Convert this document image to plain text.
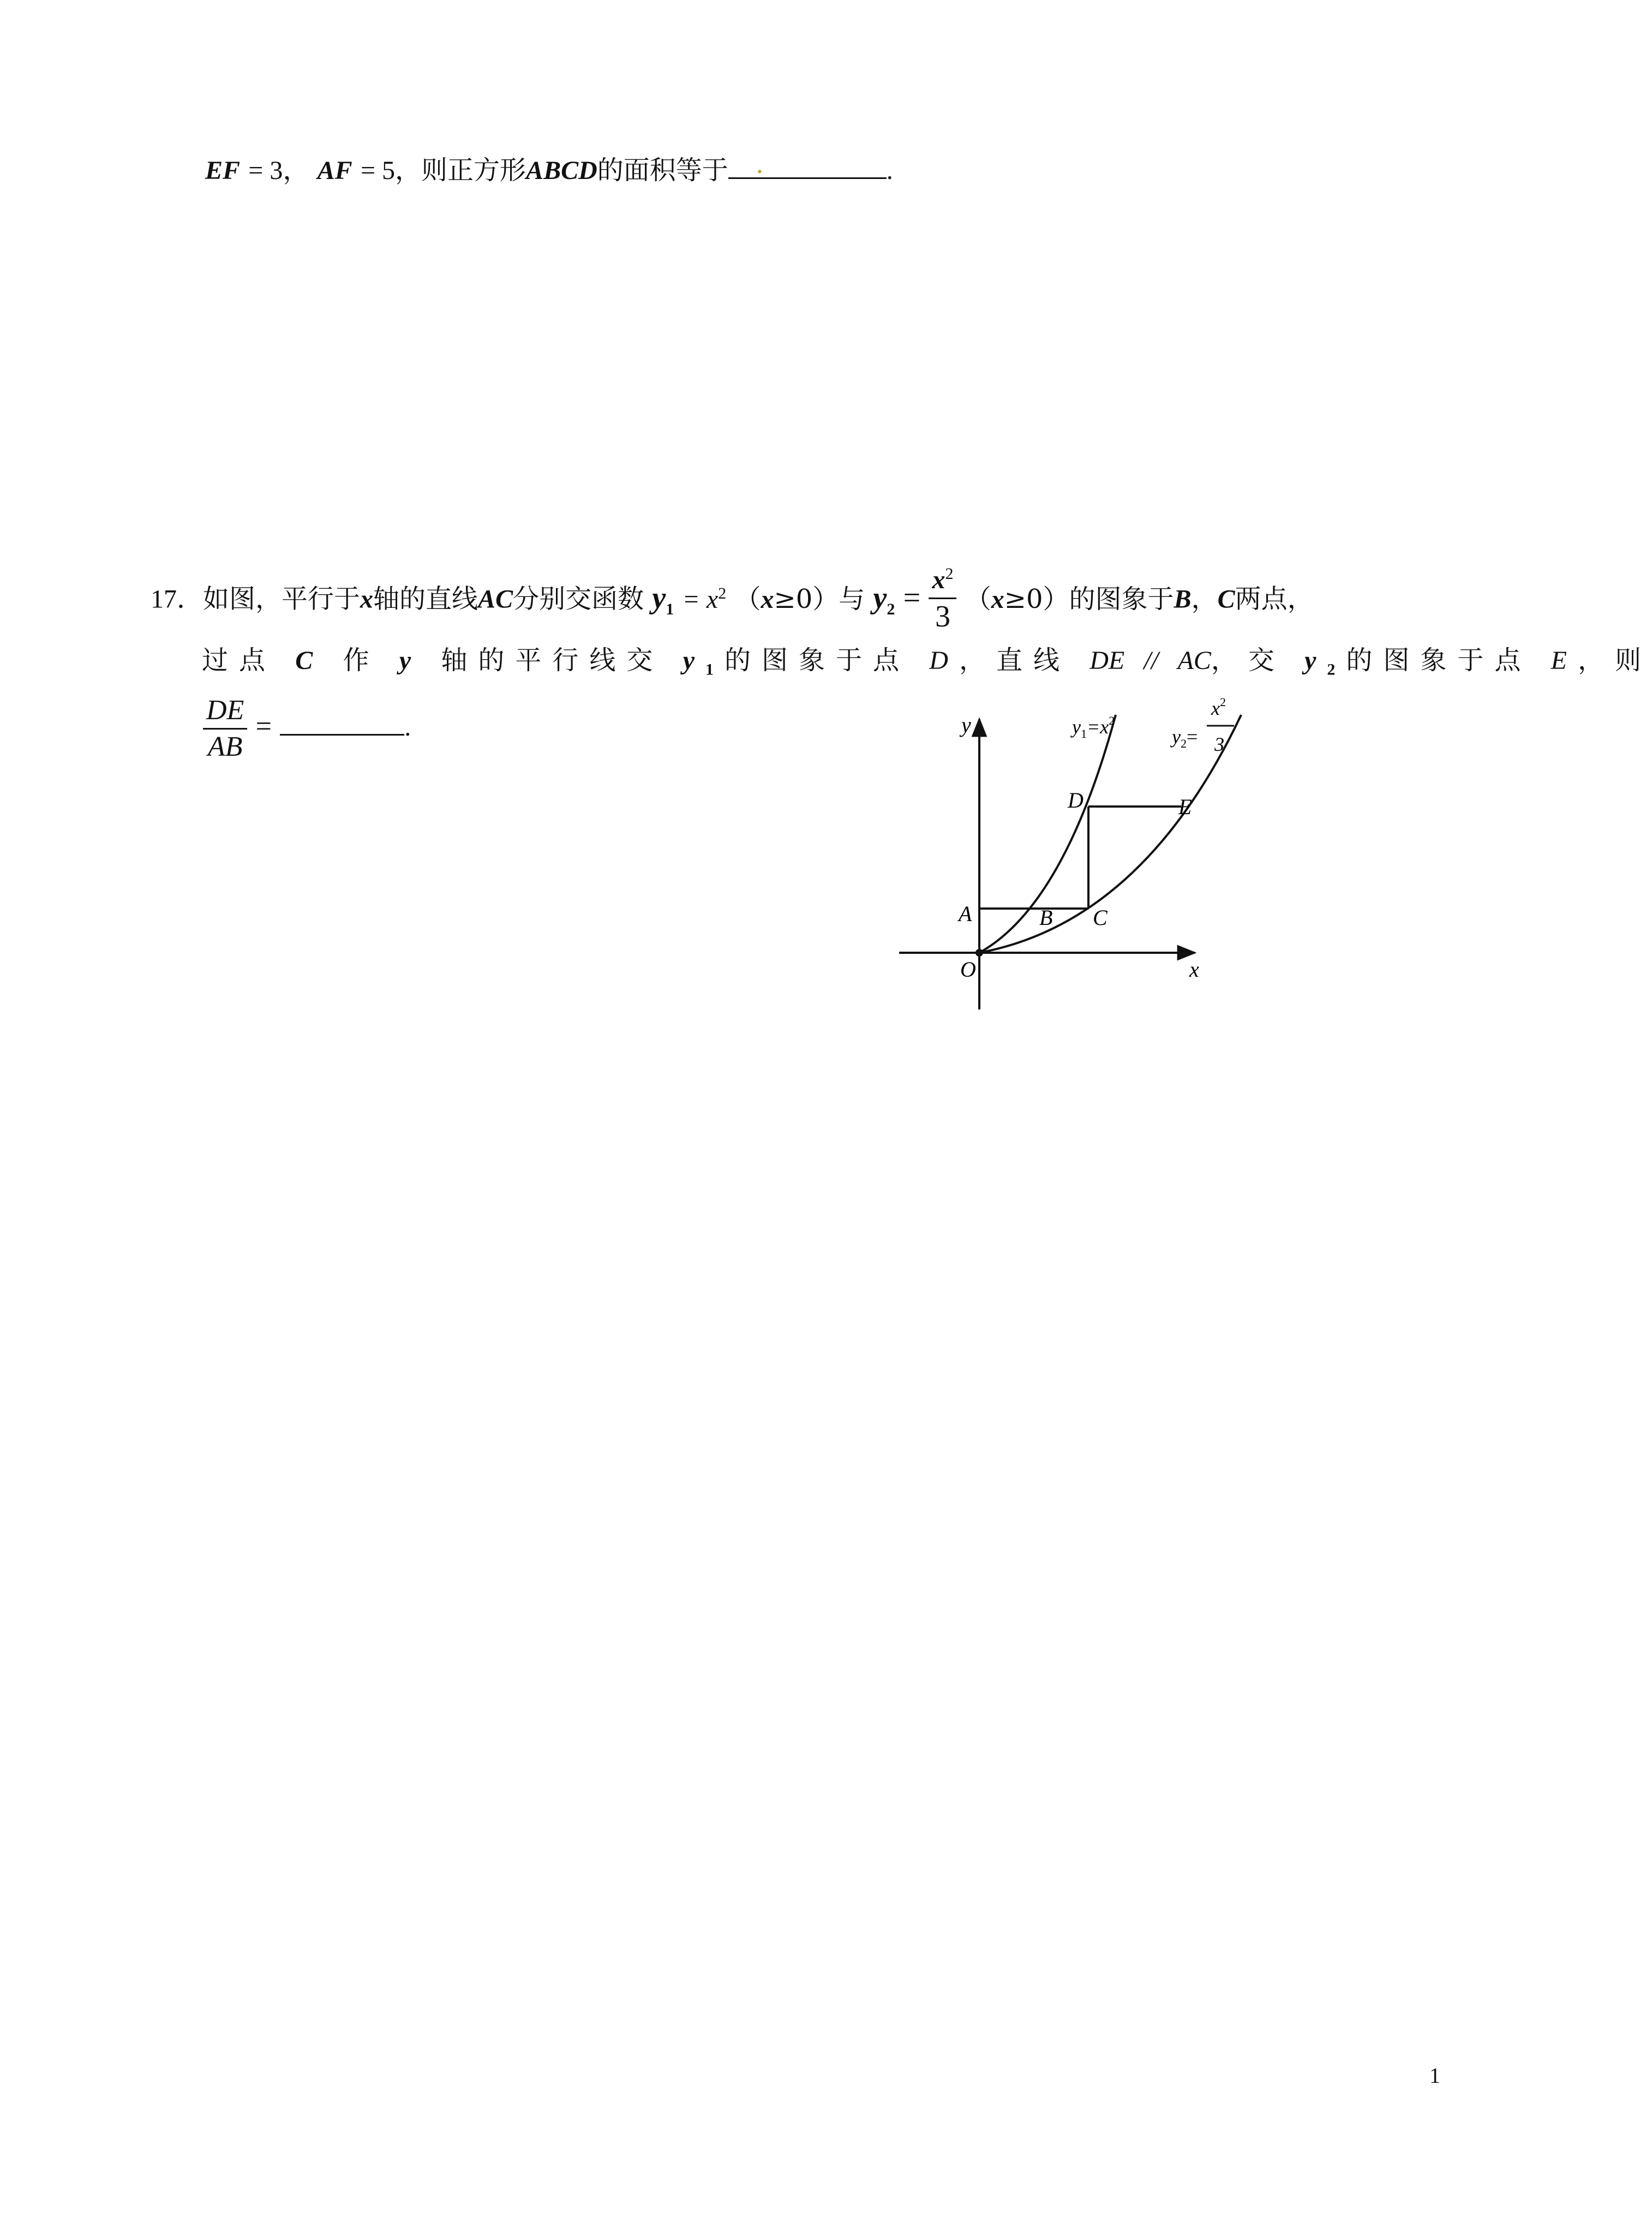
EF = 3， AF = 5，则正方形ABCD的面积等于 .	.
17．如图，平行于x轴的直线AC分别交函数 $y_1 = x^2$ （x≥0）与 $y_2 = \frac{x^2}{3} (x\ge 0)$的图象于B，C两点，
过点 C 作 y 轴的平行线交 $y_1$的图象于点 D，直线 DE // AC，交 $y_2$的图象于点 E，则
$\frac{DE}{AB}$ =	.	y
x
O
A	B C
D	E
$y_1=x^2$
$y_2=$
$x^2$
3
1
